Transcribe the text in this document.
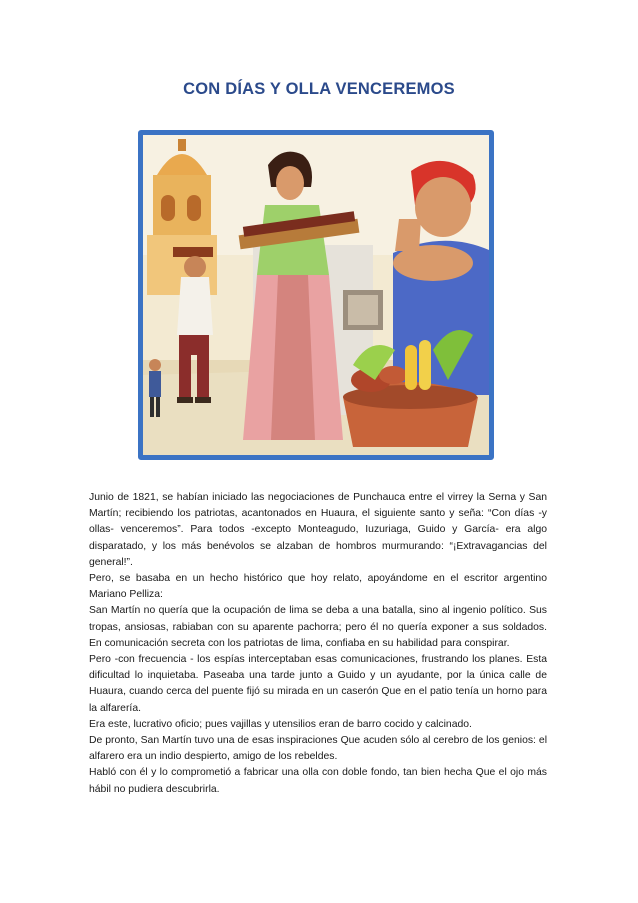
CON DÍAS Y OLLA VENCEREMOS

Junio de 1821, se habían iniciado las negociaciones de Punchauca entre el virrey la Serna y San Martín; recibiendo los patriotas, acantonados en Huaura, el siguiente santo y seña: “Con días -y ollas- venceremos”. Para todos -excepto Monteagudo, Iuzuriaga, Guido y García- era algo disparatado, y los más benévolos se alzaban de hombros murmurando: “¡Extravagancias del general!”.

Pero, se basaba en un hecho histórico que hoy relato, apoyándome en el escritor argentino Mariano Pelliza:

San Martín no quería que la ocupación de lima se deba a una batalla, sino al ingenio político. Sus tropas, ansiosas, rabiaban con su aparente pachorra; pero él no quería exponer a sus soldados. En comunicación secreta con los patriotas de lima, confiaba en su habilidad para conspirar.

Pero -con frecuencia - los espías interceptaban esas comunicaciones, frustrando los planes. Esta dificultad lo inquietaba. Paseaba una tarde junto a Guido y un ayudante, por la única calle de Huaura, cuando cerca del puente fijó su mirada en un caserón Que en el patio tenía un horno para la alfarería.

Era este, lucrativo oficio; pues vajillas y utensilios eran de barro cocido y calcinado.

De pronto, San Martín tuvo una de esas inspiraciones Que acuden sólo al cerebro de los genios: el alfarero era un indio despierto, amigo de los rebeldes.

Habló con él y lo comprometió a fabricar una olla con doble fondo, tan bien hecha Que el ojo más hábil no pudiera descubrirla.
